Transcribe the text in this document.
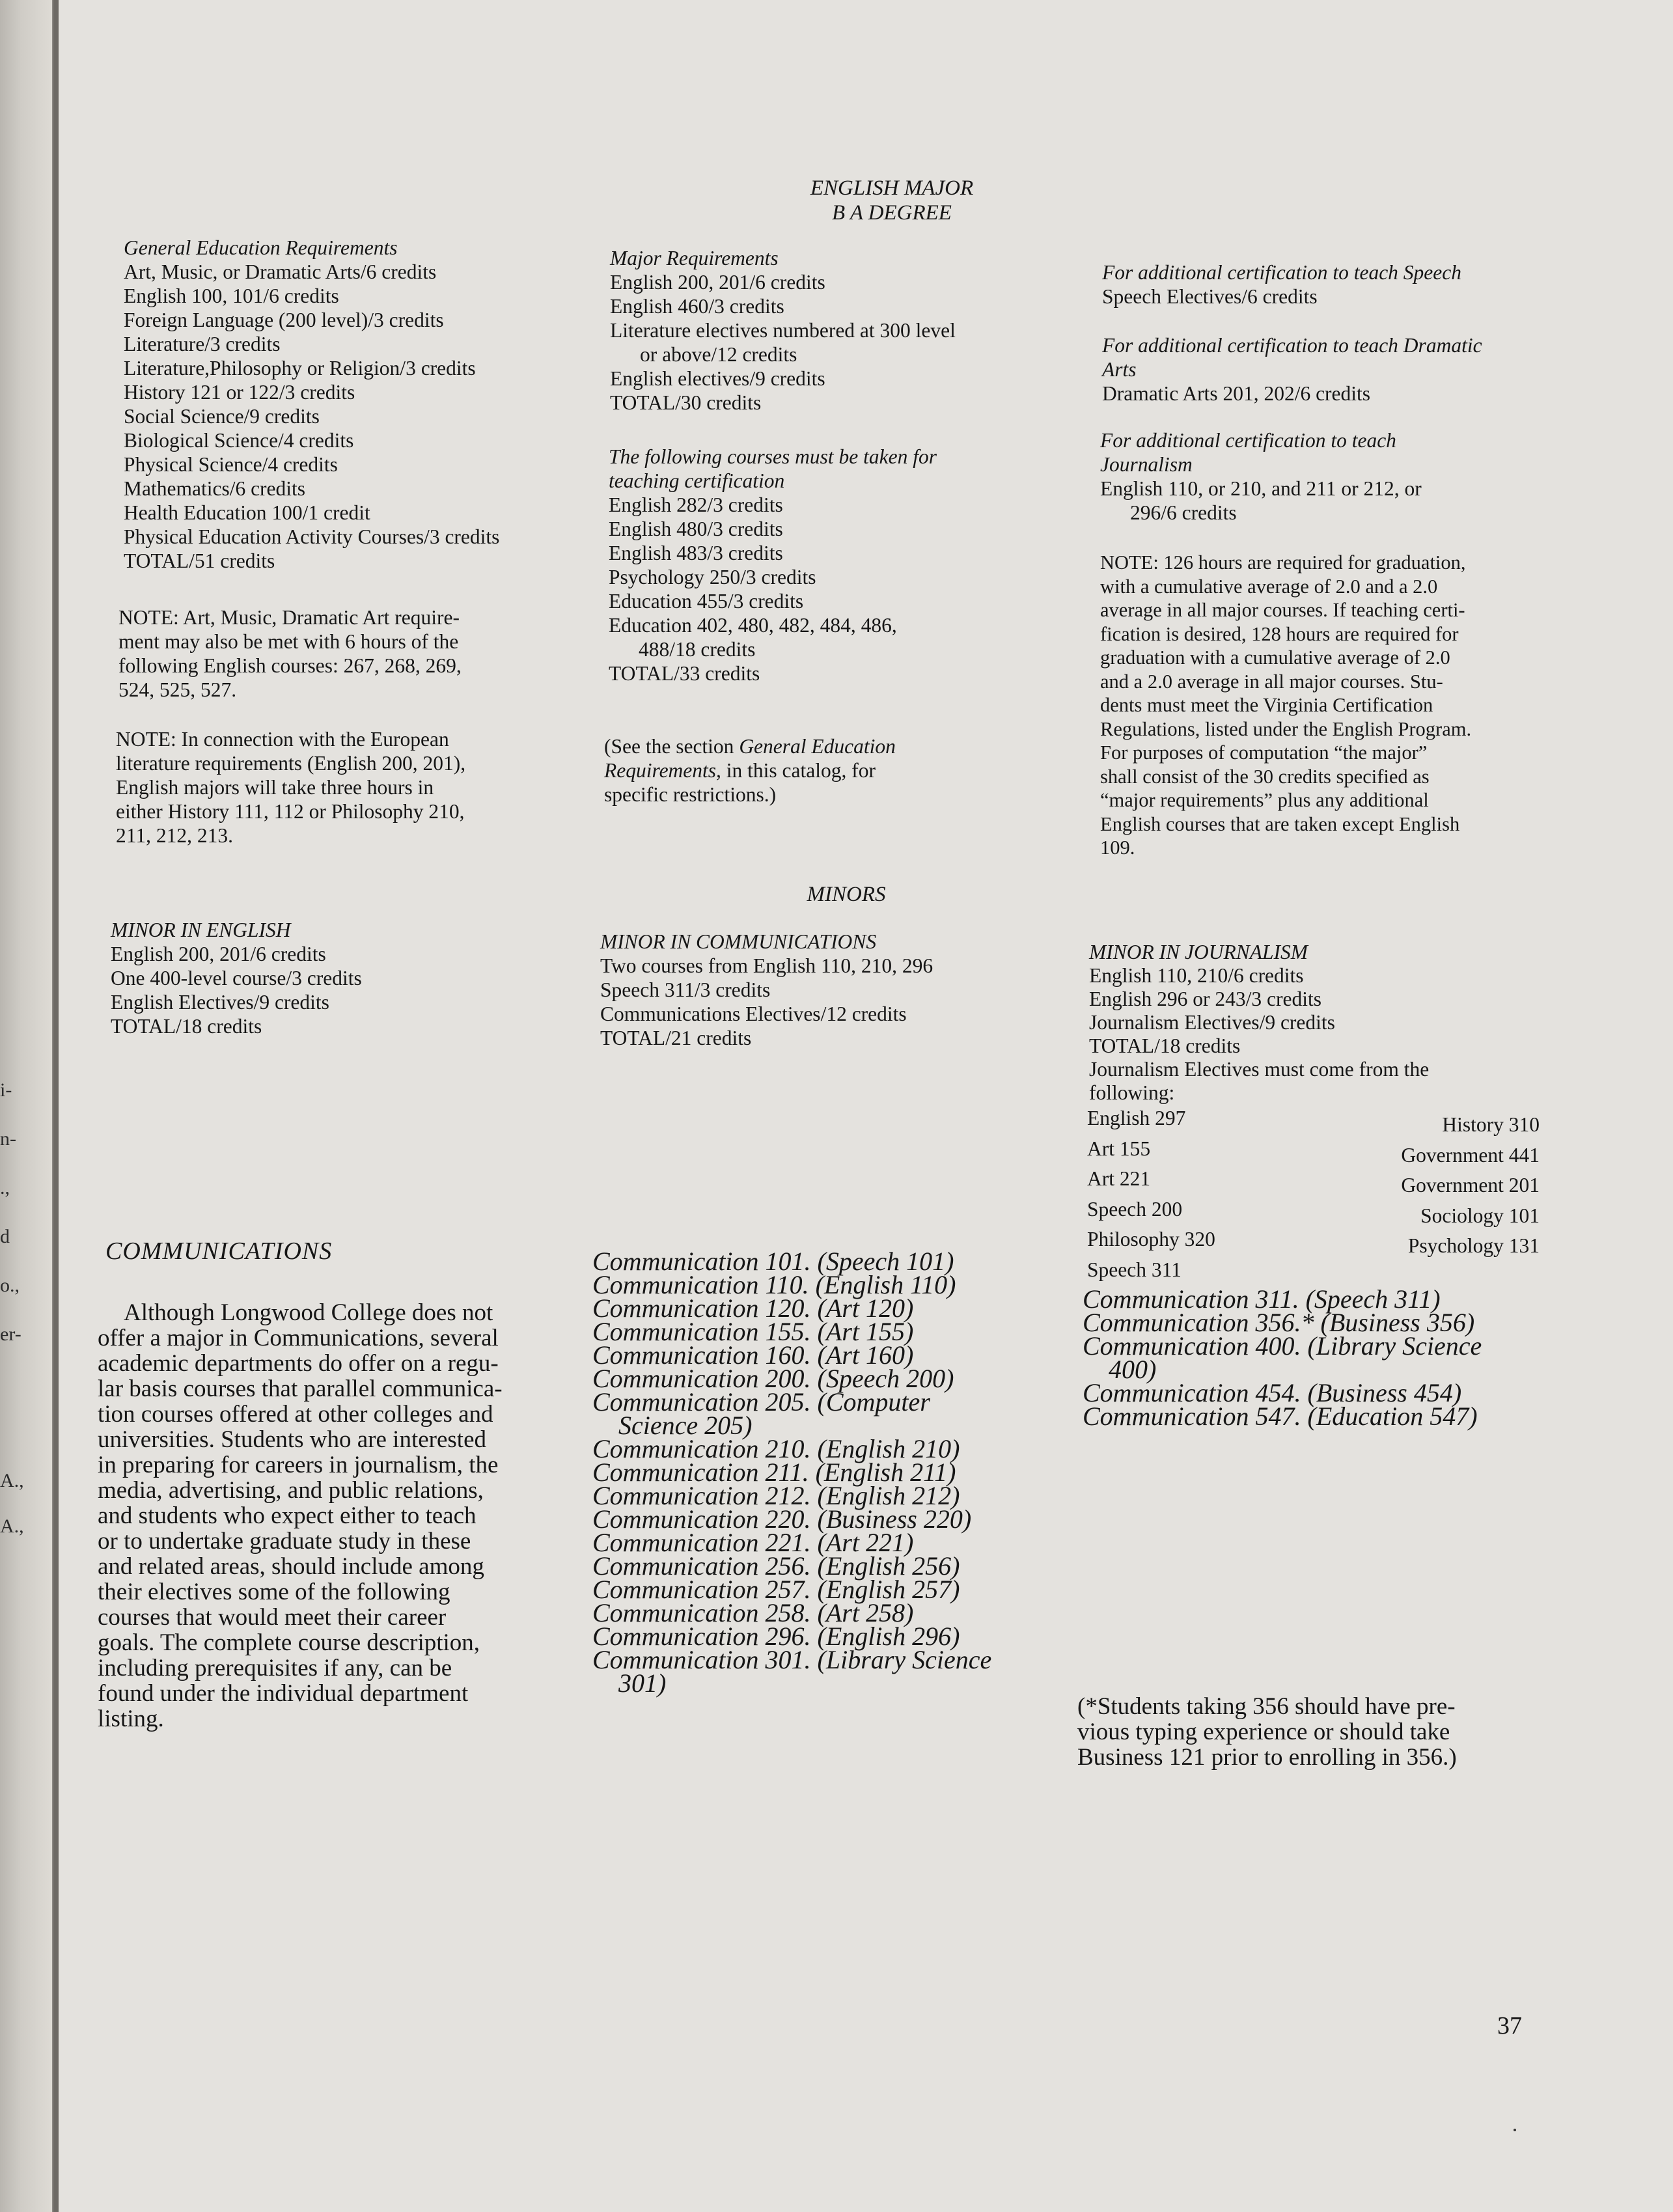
i-
n-
.,
d
o.,
er-
A.,
A.,
ENGLISH MAJOR
B A DEGREE
General Education Requirements
Art, Music, or Dramatic Arts/6 credits
English 100, 101/6 credits
Foreign Language (200 level)/3 credits
Literature/3 credits
Literature,Philosophy or Religion/3 credits
History 121 or 122/3 credits
Social Science/9 credits
Biological Science/4 credits
Physical Science/4 credits
Mathematics/6 credits
Health Education 100/1 credit
Physical Education Activity Courses/3 credits
TOTAL/51 credits
NOTE: Art, Music, Dramatic Art require-
ment may also be met with 6 hours of the
following English courses: 267, 268, 269,
524, 525, 527.
NOTE: In connection with the European
literature requirements (English 200, 201),
English majors will take three hours in
either History 111, 112 or Philosophy 210,
211, 212, 213.
Major Requirements
English 200, 201/6 credits
English 460/3 credits
Literature electives numbered at 300 level
or above/12 credits
English electives/9 credits
TOTAL/30 credits
The following courses must be taken for
teaching certification
English 282/3 credits
English 480/3 credits
English 483/3 credits
Psychology 250/3 credits
Education 455/3 credits
Education 402, 480, 482, 484, 486,
488/18 credits
TOTAL/33 credits
(See the section General Education
Requirements, in this catalog, for
specific restrictions.)
For additional certification to teach Speech
Speech Electives/6 credits
For additional certification to teach Dramatic
Arts
Dramatic Arts 201, 202/6 credits
For additional certification to teach
Journalism
English 110, or 210, and 211 or 212, or
296/6 credits
NOTE: 126 hours are required for graduation,
with a cumulative average of 2.0 and a 2.0
average in all major courses. If teaching certi-
fication is desired, 128 hours are required for
graduation with a cumulative average of 2.0
and a 2.0 average in all major courses. Stu-
dents must meet the Virginia Certification
Regulations, listed under the English Program.
For purposes of computation “the major”
shall consist of the 30 credits specified as
“major requirements” plus any additional
English courses that are taken except English
109.
MINORS
MINOR IN ENGLISH
English 200, 201/6 credits
One 400-level course/3 credits
English Electives/9 credits
TOTAL/18 credits
MINOR IN COMMUNICATIONS
Two courses from English 110, 210, 296
Speech 311/3 credits
Communications Electives/12 credits
TOTAL/21 credits
MINOR IN JOURNALISM
English 110, 210/6 credits
English 296 or 243/3 credits
Journalism Electives/9 credits
TOTAL/18 credits
Journalism Electives must come from the
following:
English 297	History 310
Art 155	Government 441
Art 221	Government 201
Speech 200	Sociology 101
Philosophy 320	Psychology 131
Speech 311
COMMUNICATIONS
Although Longwood College does not
offer a major in Communications, several
academic departments do offer on a regu-
lar basis courses that parallel communica-
tion courses offered at other colleges and
universities. Students who are interested
in preparing for careers in journalism, the
media, advertising, and public relations,
and students who expect either to teach
or to undertake graduate study in these
and related areas, should include among
their electives some of the following
courses that would meet their career
goals. The complete course description,
including prerequisites if any, can be
found under the individual department
listing.
Communication 101. (Speech 101)
Communication 110. (English 110)
Communication 120. (Art 120)
Communication 155. (Art 155)
Communication 160. (Art 160)
Communication 200. (Speech 200)
Communication 205. (Computer
Science 205)
Communication 210. (English 210)
Communication 211. (English 211)
Communication 212. (English 212)
Communication 220. (Business 220)
Communication 221. (Art 221)
Communication 256. (English 256)
Communication 257. (English 257)
Communication 258. (Art 258)
Communication 296. (English 296)
Communication 301. (Library Science
301)
Communication 311. (Speech 311)
Communication 356.* (Business 356)
Communication 400. (Library Science
400)
Communication 454. (Business 454)
Communication 547. (Education 547)
(*Students taking 356 should have pre-
vious typing experience or should take
Business 121 prior to enrolling in 356.)
37
